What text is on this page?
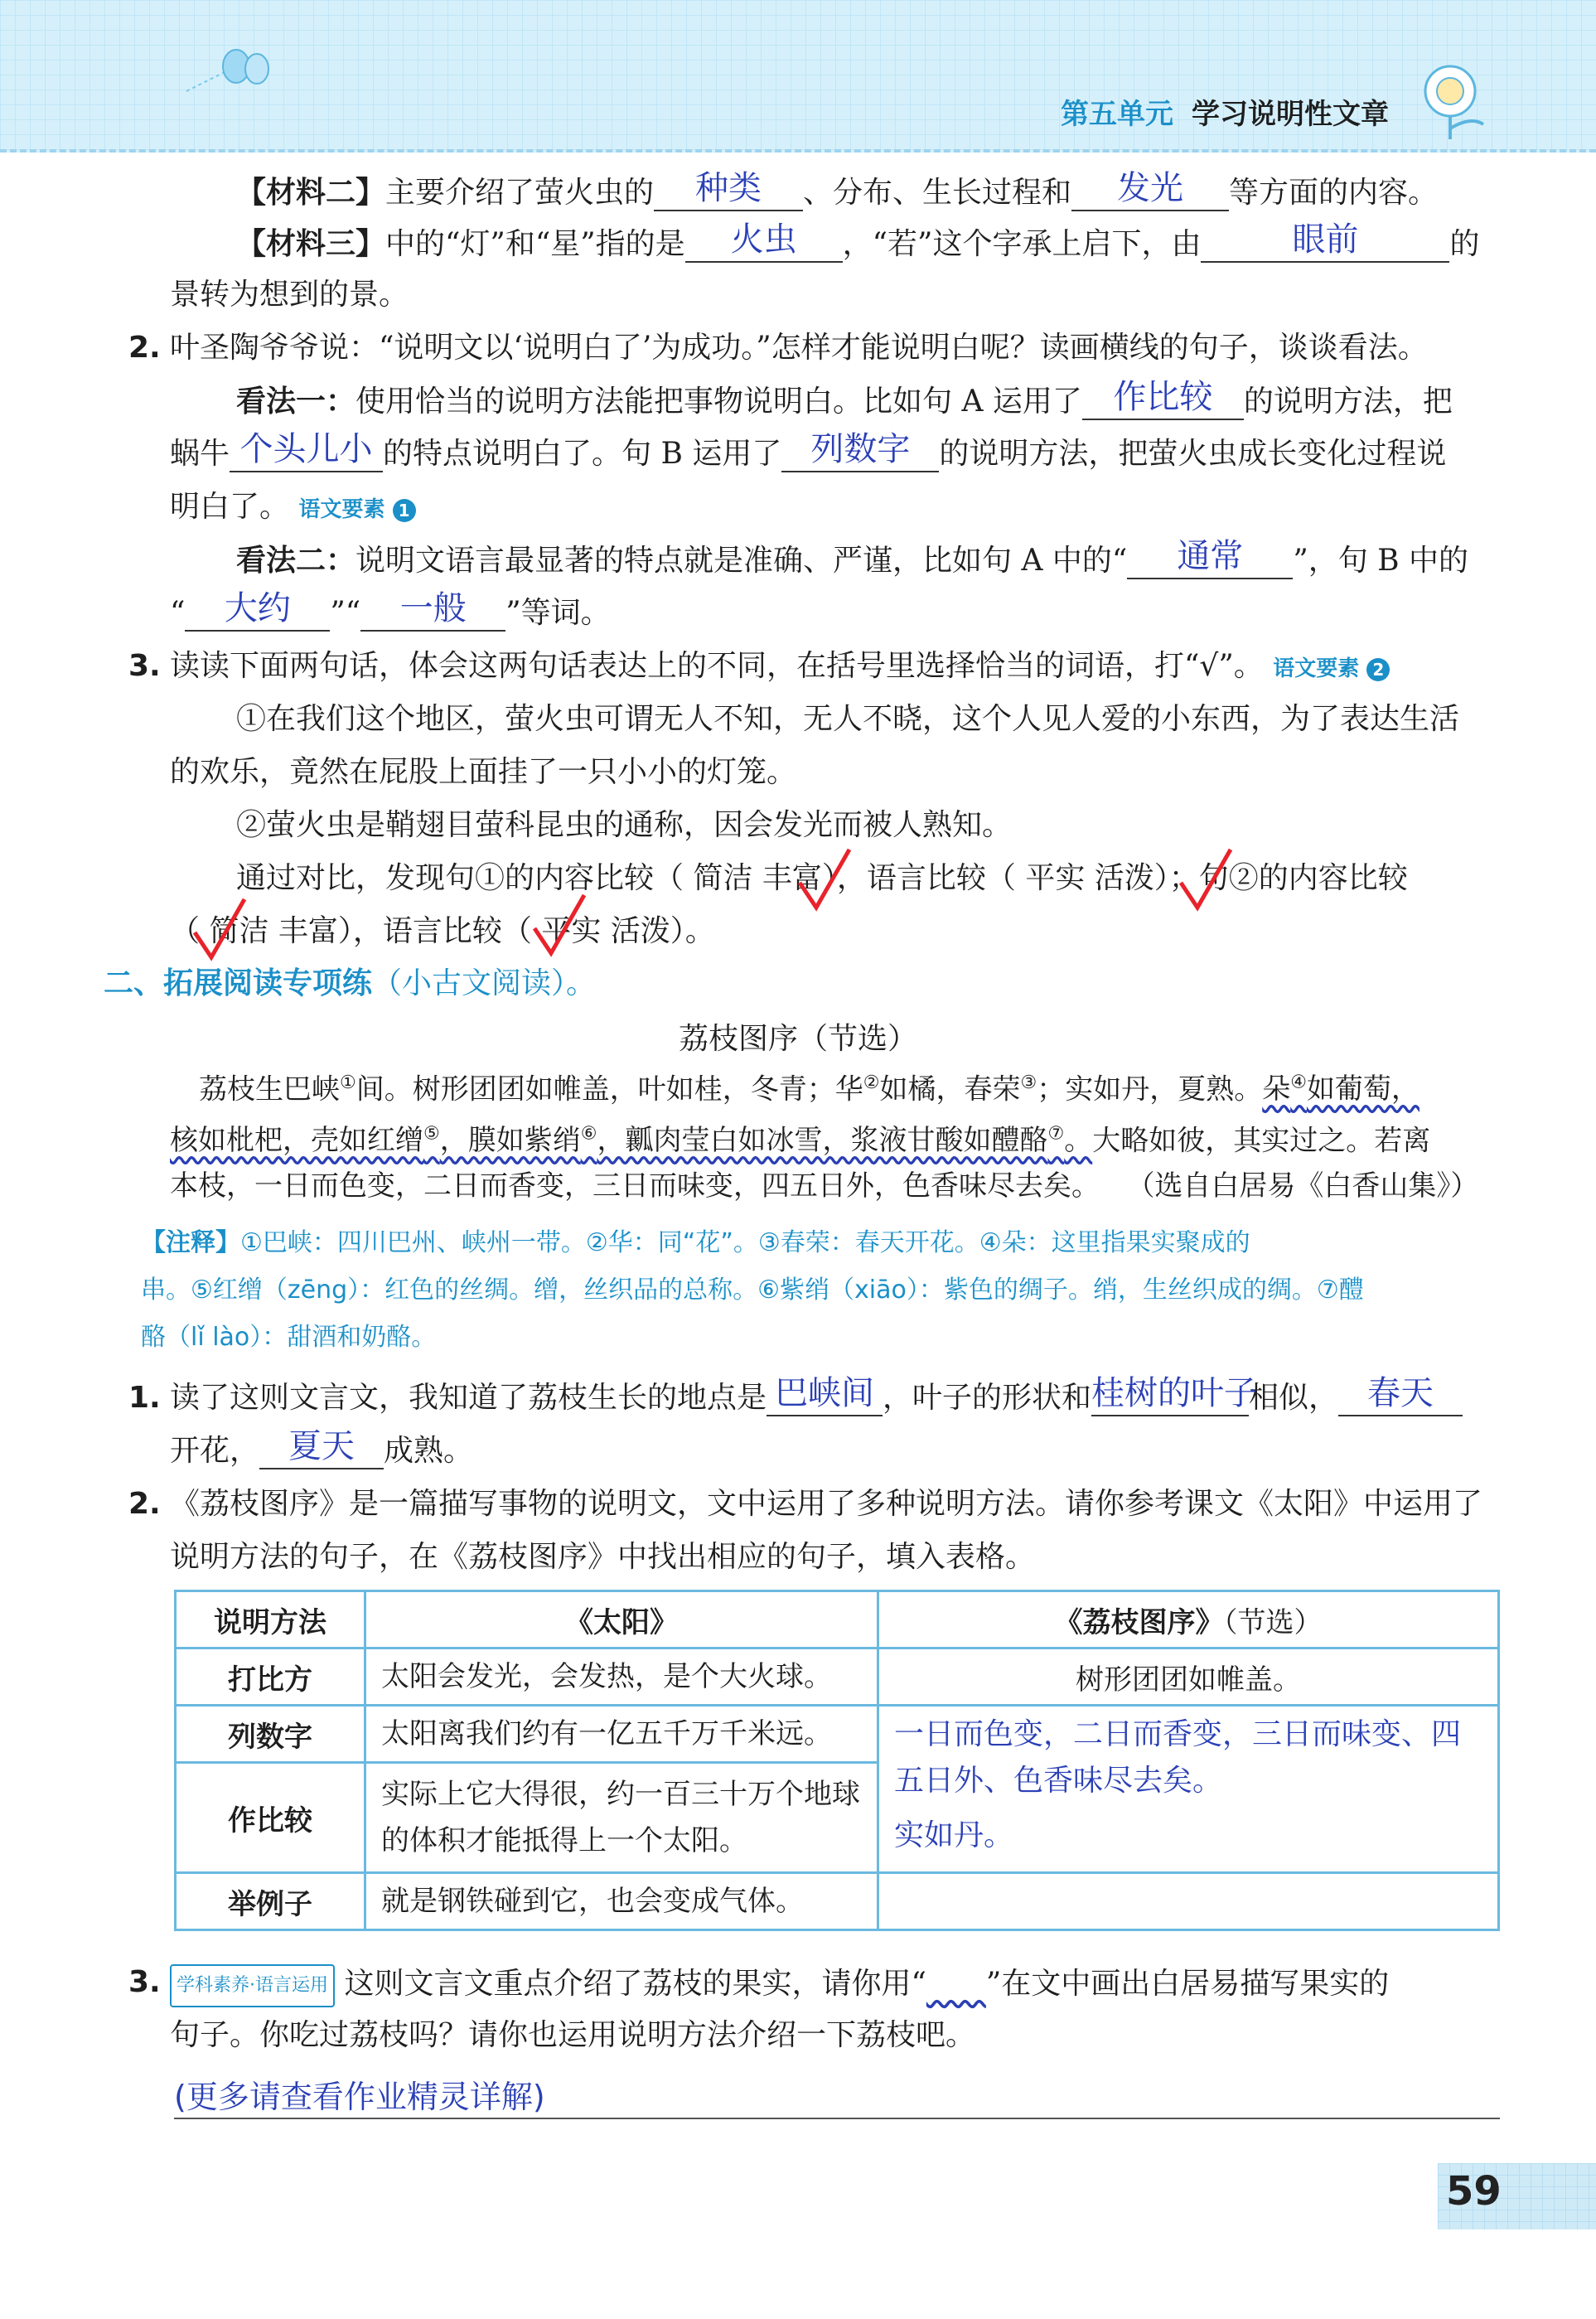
第五单元 学习说明性文章
【材料二】主要介绍了萤火虫的	种类	、分布、生长过程和	发光	等方面的内容。
【材料三】中的“灯”和“星”指的是	火虫	，“若”这个字承上启下，由	眼前	的
景转为想到的景。
2. 叶圣陶爷爷说：“说明文以‘说明白了’为成功。”怎样才能说明白呢？读画横线的句子，谈谈看法。
看法一：使用恰当的说明方法能把事物说明白。比如句 A 运用了 作比较	的说明方法，把
蜗牛 个头儿小 的特点说明白了。句 B 运用了 列数字 的说明方法，把萤火虫成长变化过程说
明白了。 语文要素 1
看法二：说明文语言最显著的特点就是准确、严谨，比如句 A 中的“	通常	”，句 B 中的
“	大约	”“	一般	”等词。
3. 读读下面两句话，体会这两句话表达上的不同，在括号里选择恰当的词语，打“√”。 语文要素 2
①在我们这个地区，萤火虫可谓无人不知，无人不晓，这个人见人爱的小东西，为了表达生活
的欢乐，竟然在屁股上面挂了一只小小的灯笼。
②萤火虫是鞘翅目萤科昆虫的通称，因会发光而被人熟知。
通过对比，发现句①的内容比较（ 简洁 丰富），语言比较（ 平实 活泼）；句②的内容比较
（ 简洁 丰富），语言比较（ 平实 活泼）。
二、拓展阅读专项练（小古文阅读）。
荔枝图序（节选）
荔枝生巴峡①间。树形团团如帷盖，叶如桂，冬青；华②如橘，春荣③；实如丹，夏熟。朵④如葡萄，
核如枇杷，壳如红缯⑤，膜如紫绡⑥，瓤肉莹白如冰雪，浆液甘酸如醴酪⑦。大略如彼，其实过之。若离
本枝，一日而色变，二日而香变，三日而味变，四五日外，色香味尽去矣。 （选自白居易《白香山集》）
【注释】①巴峡：四川巴州、峡州一带。②华：同“花”。③春荣：春天开花。④朵：这里指果实聚成的
串。⑤红缯（zēng）：红色的丝绸。缯，丝织品的总称。⑥紫绡（xiāo）：紫色的绸子。绡，生丝织成的绸。⑦醴
酪（lǐ lào）：甜酒和奶酪。
1. 读了这则文言文，我知道了荔枝生长的地点是 巴峡间 ，叶子的形状和 桂树的叶子
相似， 春天
开花， 夏天 成熟。
2. 《荔枝图序》是一篇描写事物的说明文，文中运用了多种说明方法。请你参考课文《太阳》中运用了
说明方法的句子，在《荔枝图序》中找出相应的句子，填入表格。
说明方法	《太阳》	《荔枝图序》（节选）
打比方	太阳会发光，会发热，是个大火球。	树形团团如帷盖。
列数字	太阳离我们约有一亿五千万千米远。	一日而色变，二日而香变，三日而味变、四五日外、色香味尽去矣。
实如丹。

作比较	实际上它大得很，约一百三十万个地球的体积才能抵得上一个太阳。	
举例子	就是钢铁碰到它，也会变成气体。	
3. 学科素养·语言运用 这则文言文重点介绍了荔枝的果实，请你用“　　 ”在文中画出白居易描写果实的
句子。你吃过荔枝吗？请你也运用说明方法介绍一下荔枝吧。
(更多请查看作业精灵详解)
59
